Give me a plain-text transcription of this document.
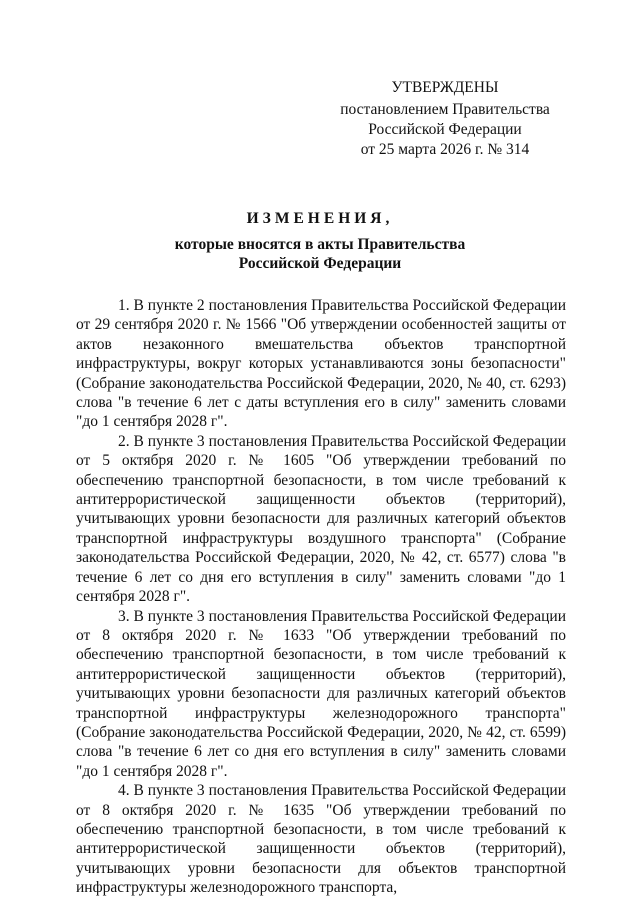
УТВЕРЖДЕНЫ
постановлением Правительства
Российской Федерации
от 25 марта 2026 г. № 314
ИЗМЕНЕНИЯ,
которые вносятся в акты Правительства
Российской Федерации

1. В пункте 2 постановления Правительства Российской Федерации от 29 сентября 2020 г. № 1566 "Об утверждении особенностей защиты от актов незаконного вмешательства объектов транспортной инфраструктуры, вокруг которых устанавливаются зоны безопасности" (Собрание законодательства Российской Федерации, 2020, № 40, ст. 6293) слова "в течение 6 лет с даты вступления его в силу" заменить словами "до 1 сентября 2028 г".

2. В пункте 3 постановления Правительства Российской Федерации от 5 октября 2020 г. № 1605 "Об утверждении требований по обеспечению транспортной безопасности, в том числе требований к антитеррористической защищенности объектов (территорий), учитывающих уровни безопасности для различных категорий объектов транспортной инфраструктуры воздушного транспорта" (Собрание законодательства Российской Федерации, 2020, № 42, ст. 6577) слова "в течение 6 лет со дня его вступления в силу" заменить словами "до 1 сентября 2028 г".

3. В пункте 3 постановления Правительства Российской Федерации от 8 октября 2020 г. № 1633 "Об утверждении требований по обеспечению транспортной безопасности, в том числе требований к антитеррористической защищенности объектов (территорий), учитывающих уровни безопасности для различных категорий объектов транспортной инфраструктуры железнодорожного транспорта" (Собрание законодательства Российской Федерации, 2020, № 42, ст. 6599) слова "в течение 6 лет со дня его вступления в силу" заменить словами "до 1 сентября 2028 г".

4. В пункте 3 постановления Правительства Российской Федерации от 8 октября 2020 г. № 1635 "Об утверждении требований по обеспечению транспортной безопасности, в том числе требований к антитеррористической защищенности объектов (территорий), учитывающих уровни безопасности для объектов транспортной инфраструктуры железнодорожного транспорта,
